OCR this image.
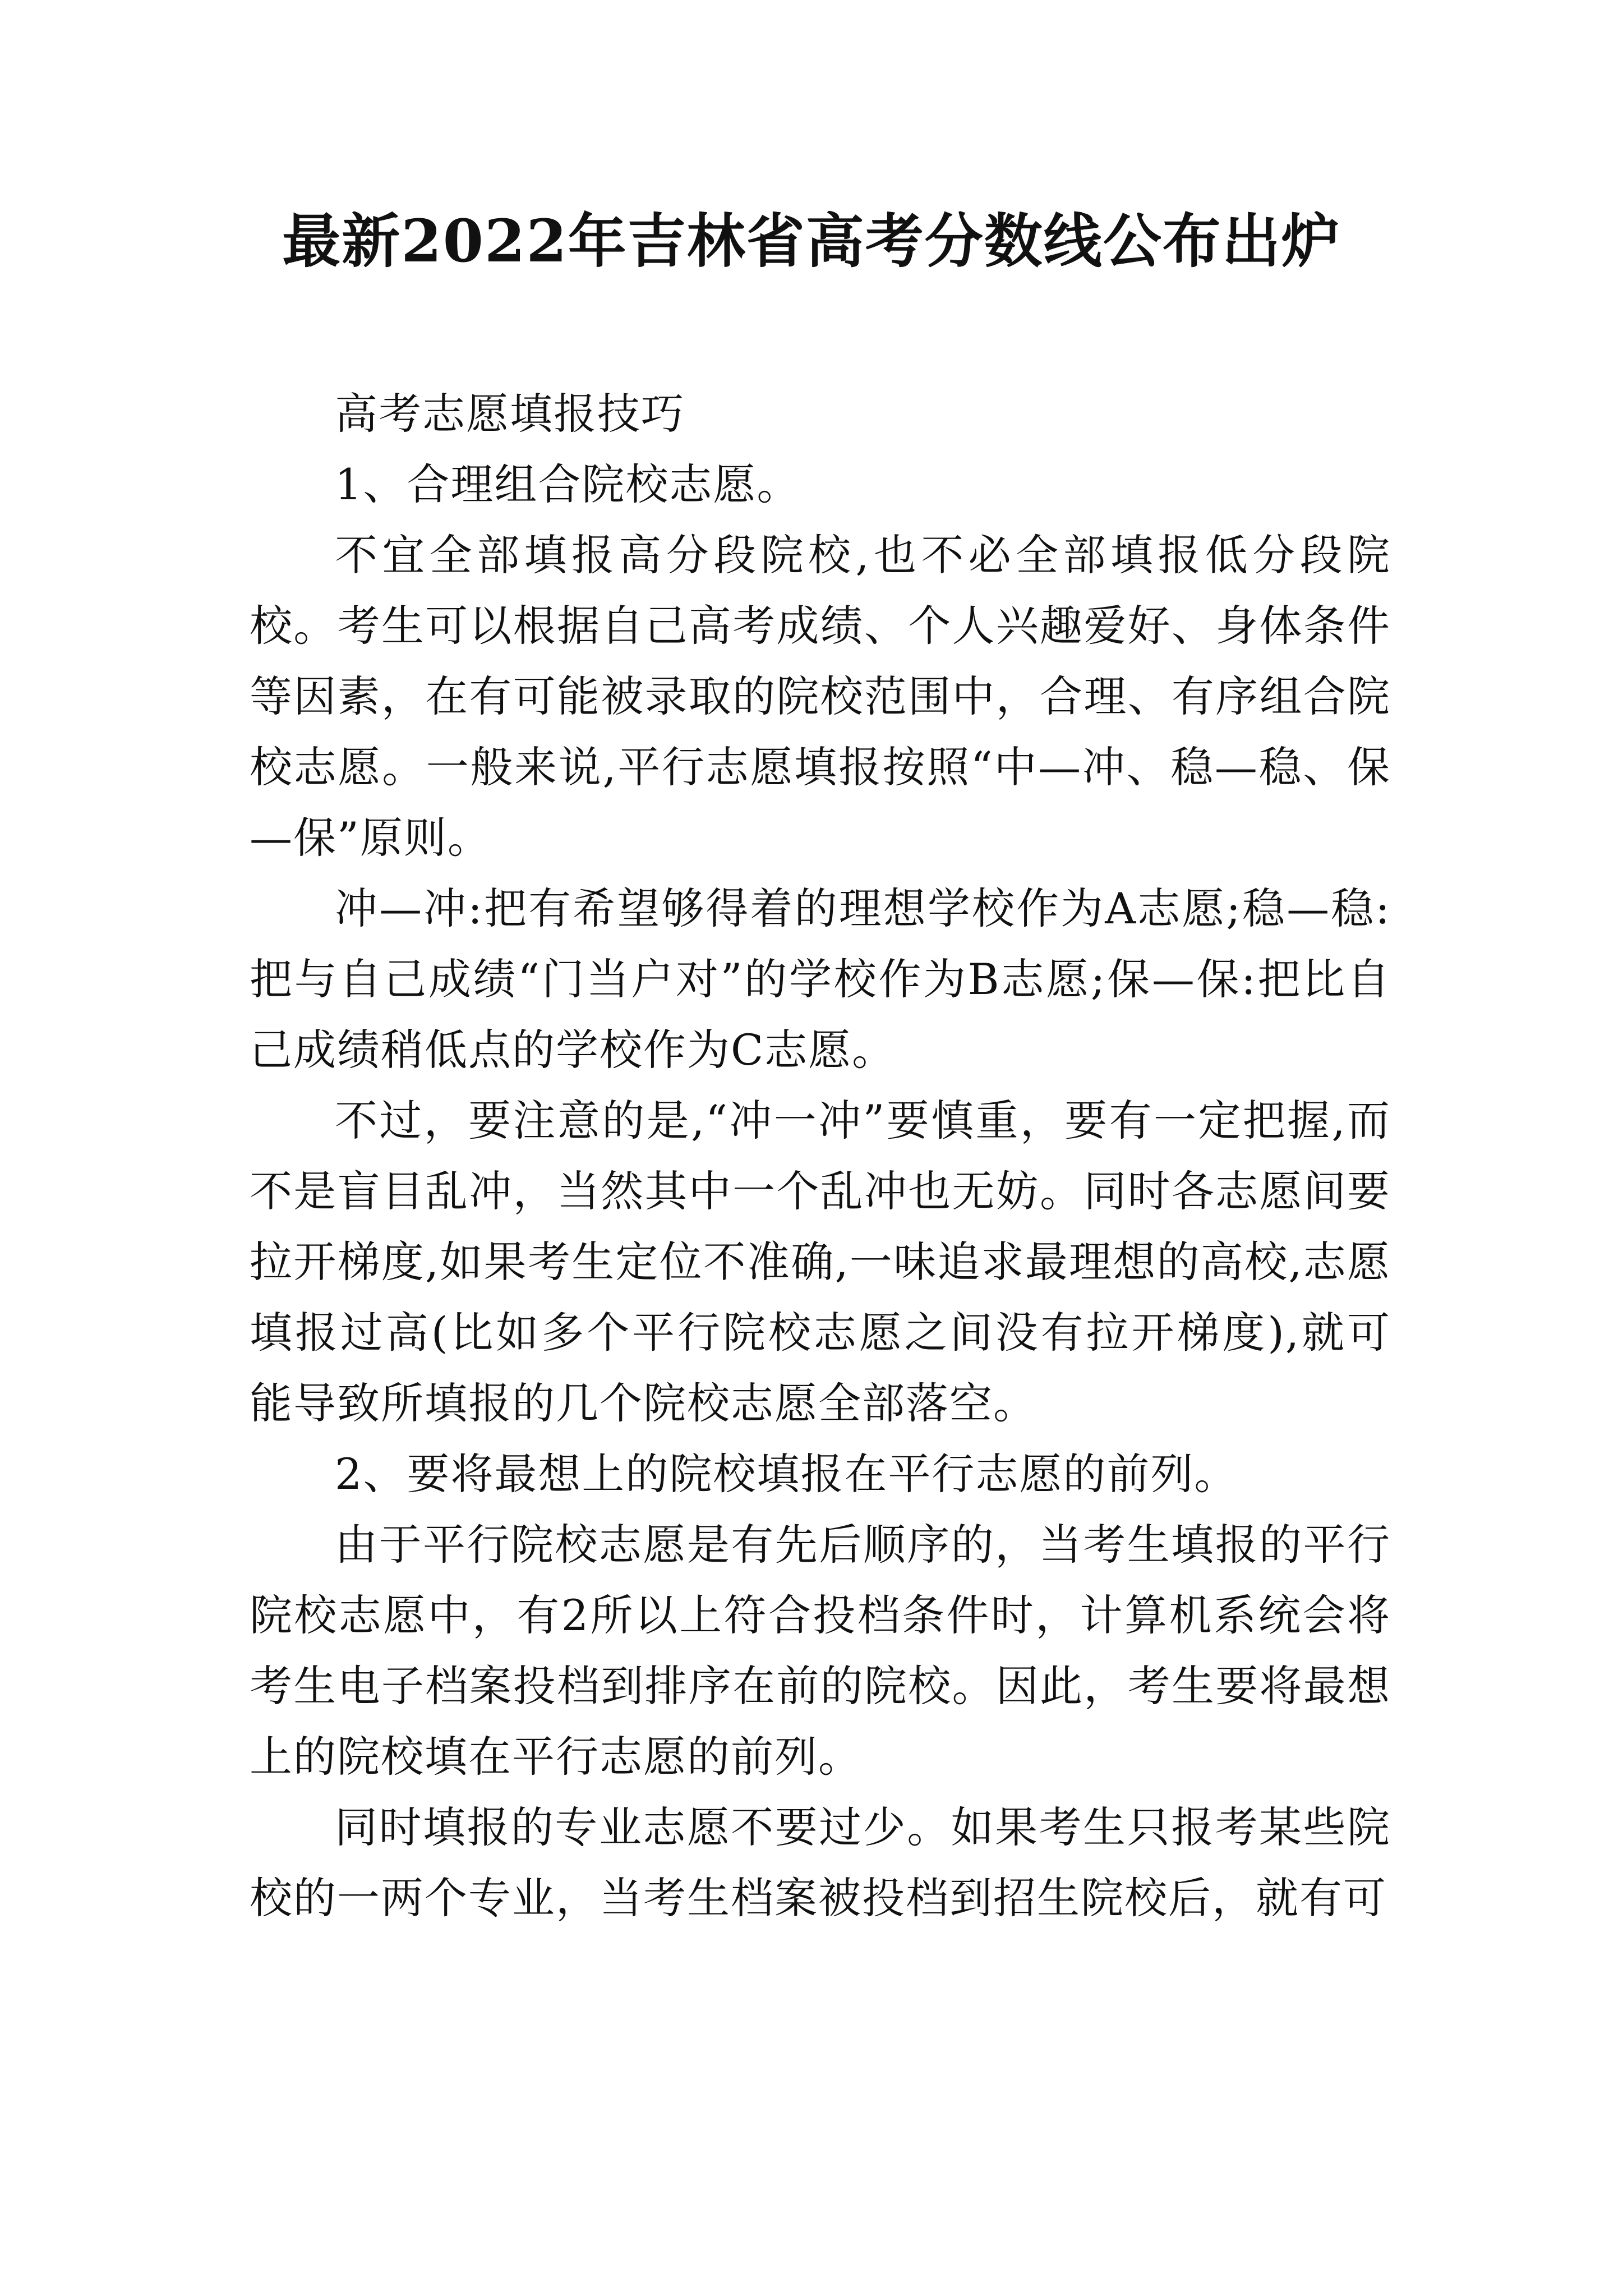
最新2022年吉林省高考分数线公布出炉

高考志愿填报技巧

1、合理组合院校志愿。

不宜全部填报高分段院校,也不必全部填报低分段院校。考生可以根据自己高考成绩、个人兴趣爱好、身体条件等因素，在有可能被录取的院校范围中，合理、有序组合院校志愿。一般来说,平行志愿填报按照“中—冲、稳—稳、保—保”原则。

冲—冲:把有希望够得着的理想学校作为A志愿;稳—稳:把与自己成绩“门当户对”的学校作为B志愿;保—保:把比自己成绩稍低点的学校作为C志愿。

不过，要注意的是,“冲一冲”要慎重，要有一定把握,而不是盲目乱冲，当然其中一个乱冲也无妨。同时各志愿间要拉开梯度,如果考生定位不准确,一味追求最理想的高校,志愿填报过高(比如多个平行院校志愿之间没有拉开梯度),就可能导致所填报的几个院校志愿全部落空。

2、要将最想上的院校填报在平行志愿的前列。

由于平行院校志愿是有先后顺序的，当考生填报的平行院校志愿中，有2所以上符合投档条件时，计算机系统会将考生电子档案投档到排序在前的院校。因此，考生要将最想上的院校填在平行志愿的前列。

同时填报的专业志愿不要过少。如果考生只报考某些院校的一两个专业，当考生档案被投档到招生院校后，就有可
